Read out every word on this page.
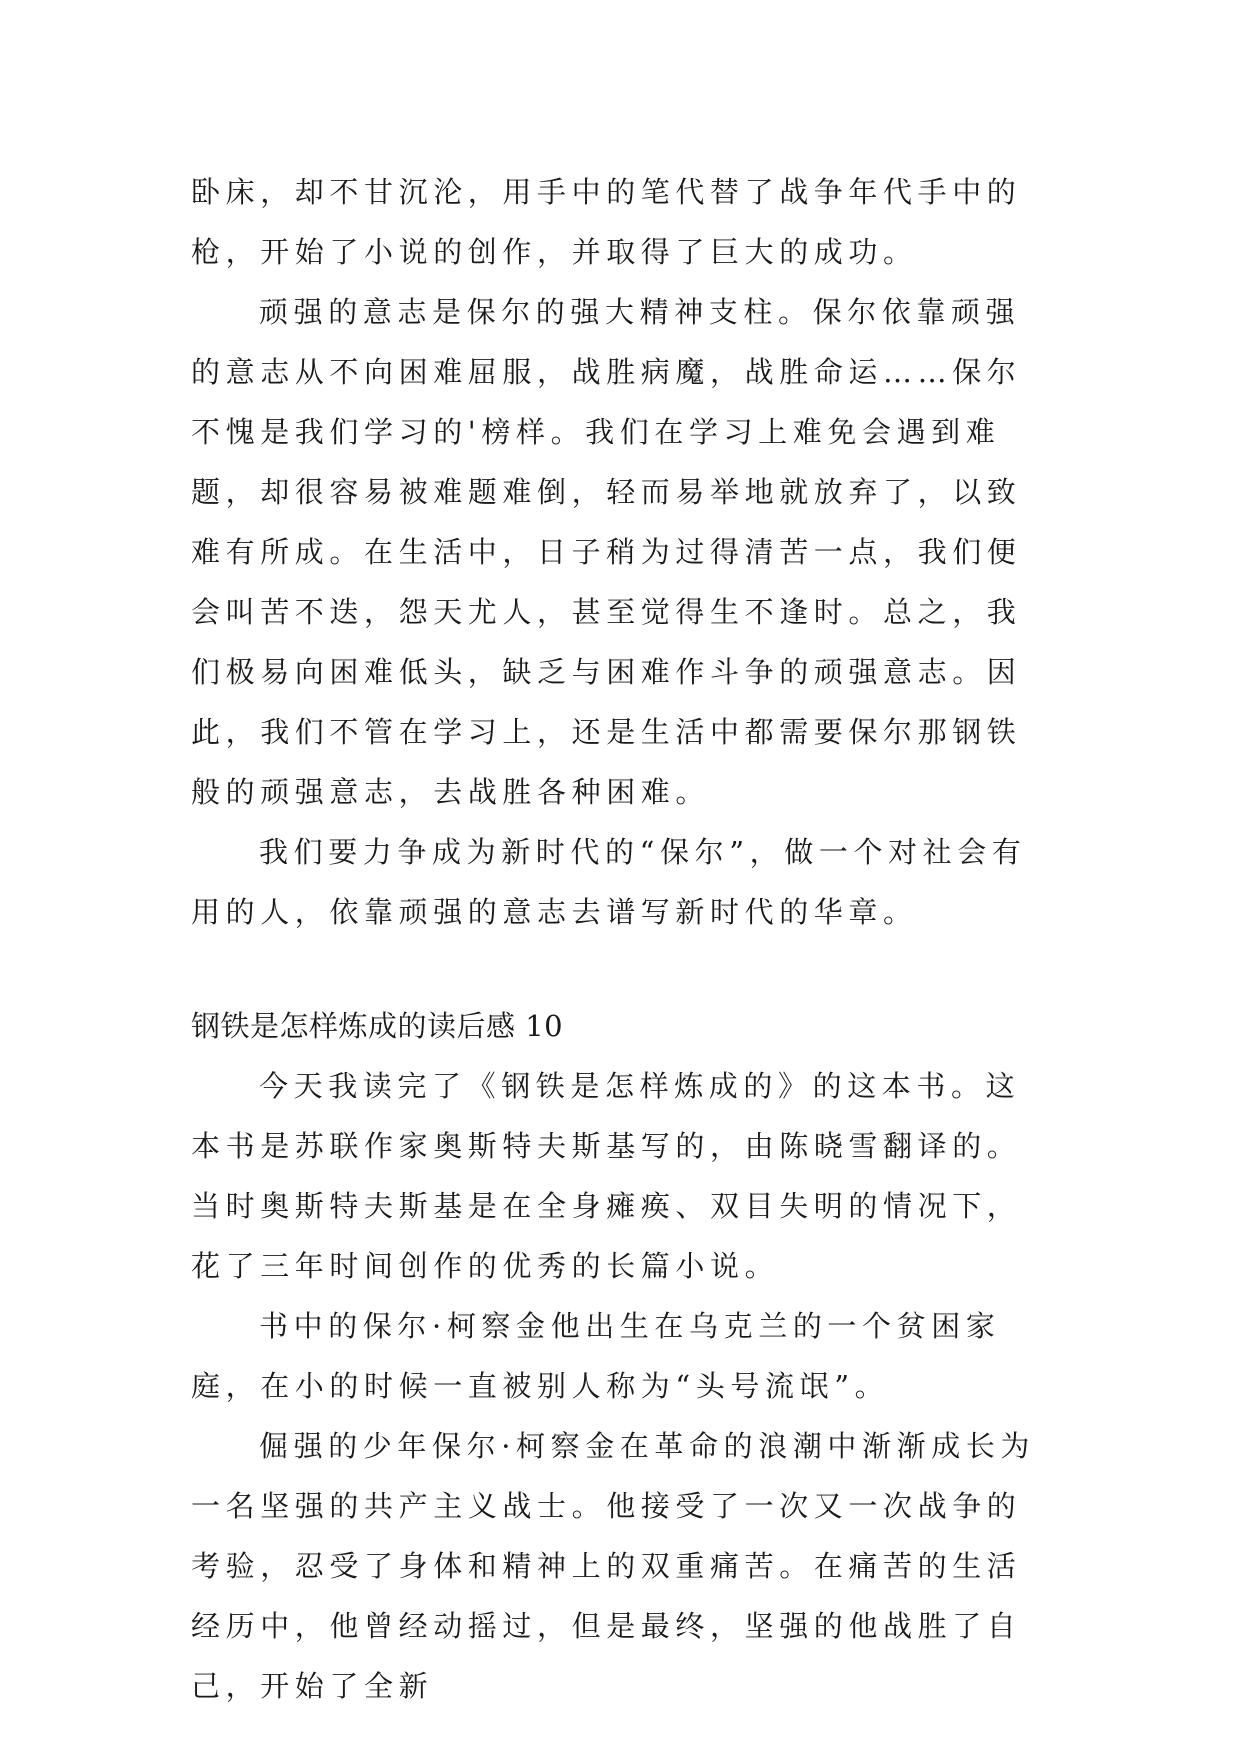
卧床，却不甘沉沦，用手中的笔代替了战争年代手中的枪，开始了小说的创作，并取得了巨大的成功。

顽强的意志是保尔的强大精神支柱。保尔依靠顽强的意志从不向困难屈服，战胜病魔，战胜命运……保尔不愧是我们学习的'榜样。我们在学习上难免会遇到难题，却很容易被难题难倒，轻而易举地就放弃了，以致难有所成。在生活中，日子稍为过得清苦一点，我们便会叫苦不迭，怨天尤人，甚至觉得生不逢时。总之，我们极易向困难低头，缺乏与困难作斗争的顽强意志。因此，我们不管在学习上，还是生活中都需要保尔那钢铁般的顽强意志，去战胜各种困难。

我们要力争成为新时代的“保尔”，做一个对社会有用的人，依靠顽强的意志去谱写新时代的华章。

钢铁是怎样炼成的读后感 10

今天我读完了《钢铁是怎样炼成的》的这本书。这本书是苏联作家奥斯特夫斯基写的，由陈晓雪翻译的。当时奥斯特夫斯基是在全身瘫痪、双目失明的情况下，花了三年时间创作的优秀的长篇小说。

书中的保尔·柯察金他出生在乌克兰的一个贫困家庭，在小的时候一直被别人称为“头号流氓”。

倔强的少年保尔·柯察金在革命的浪潮中渐渐成长为一名坚强的共产主义战士。他接受了一次又一次战争的考验，忍受了身体和精神上的双重痛苦。在痛苦的生活经历中，他曾经动摇过，但是最终，坚强的他战胜了自己，开始了全新
